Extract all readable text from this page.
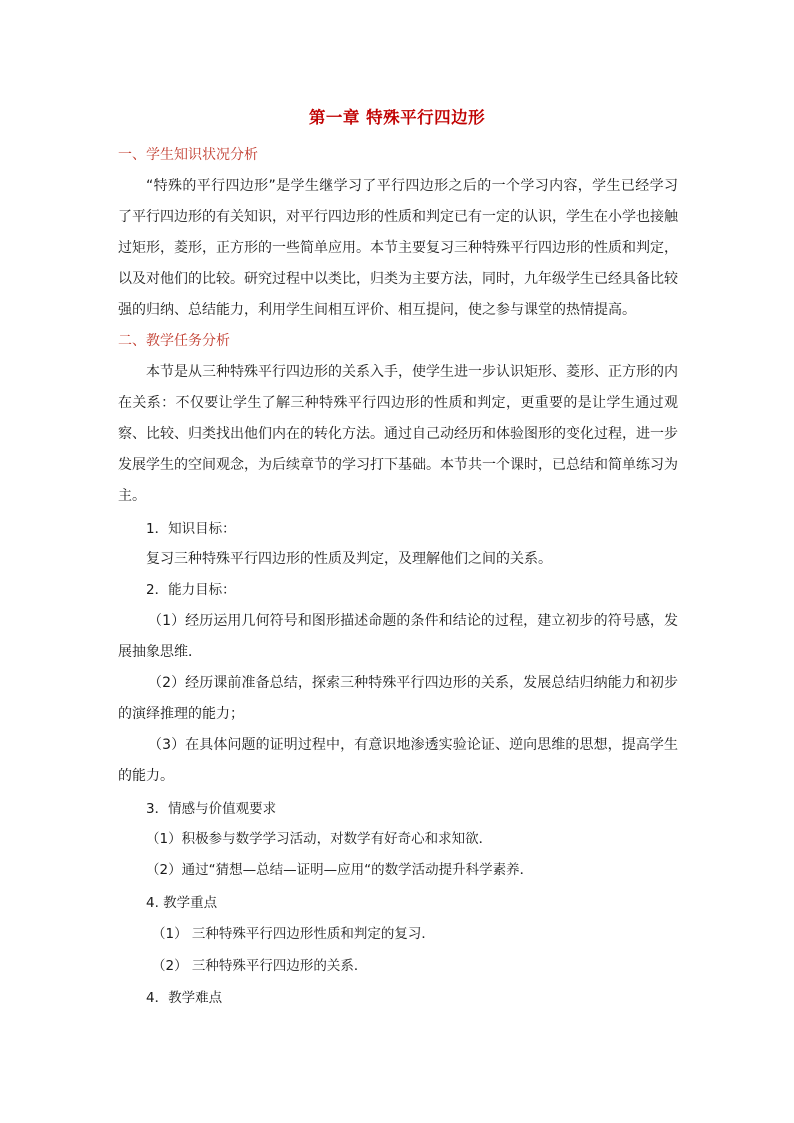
第一章 特殊平行四边形
一、学生知识状况分析
“特殊的平行四边形”是学生继学习了平行四边形之后的一个学习内容，学生已经学习了平行四边形的有关知识，对平行四边形的性质和判定已有一定的认识，学生在小学也接触过矩形，菱形，正方形的一些简单应用。本节主要复习三种特殊平行四边形的性质和判定，以及对他们的比较。研究过程中以类比，归类为主要方法，同时，九年级学生已经具备比较强的归纳、总结能力，利用学生间相互评价、相互提问，使之参与课堂的热情提高。
二、教学任务分析
本节是从三种特殊平行四边形的关系入手，使学生进一步认识矩形、菱形、正方形的内在关系：不仅要让学生了解三种特殊平行四边形的性质和判定，更重要的是让学生通过观察、比较、归类找出他们内在的转化方法。通过自己动经历和体验图形的变化过程，进一步发展学生的空间观念，为后续章节的学习打下基础。本节共一个课时，已总结和简单练习为主。
1．知识目标：
复习三种特殊平行四边形的性质及判定，及理解他们之间的关系。
2．能力目标：
（1）经历运用几何符号和图形描述命题的条件和结论的过程，建立初步的符号感，发展抽象思维．
（2）经历课前准备总结，探索三种特殊平行四边形的关系，发展总结归纳能力和初步的演绎推理的能力；
（3）在具体问题的证明过程中，有意识地渗透实验论证、逆向思维的思想，提高学生的能力。
3．情感与价值观要求
（1）积极参与数学学习活动，对数学有好奇心和求知欲．
（2）通过“猜想—总结—证明—应用“的数学活动提升科学素养．
4. 教学重点
（1） 三种特殊平行四边形性质和判定的复习．
（2） 三种特殊平行四边形的关系．
4．教学难点
